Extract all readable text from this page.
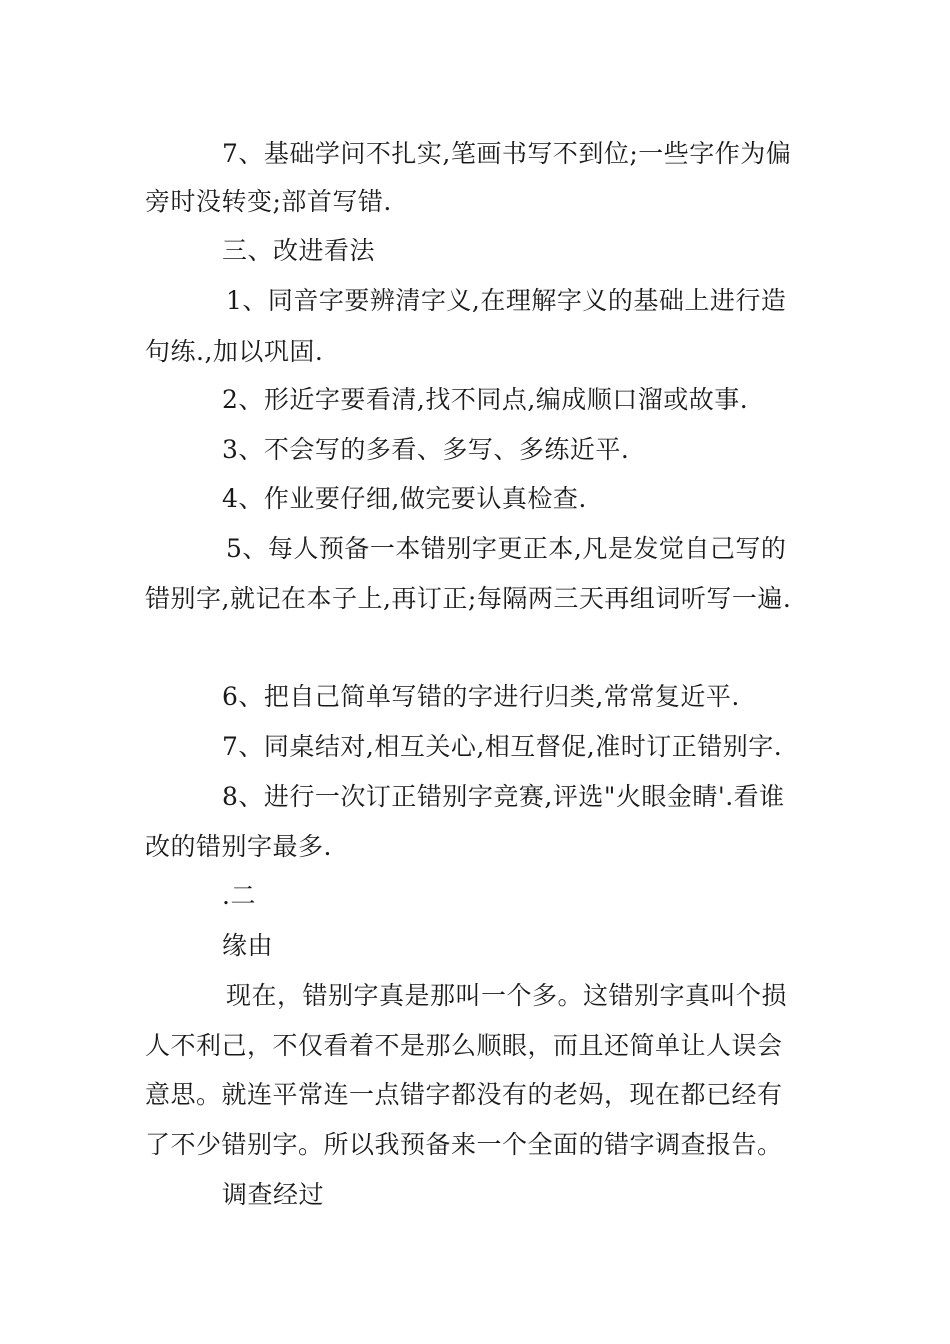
7、基础学问不扎实,笔画书写不到位;一些字作为偏
旁时没转变;部首写错.
三、改进看法
1、同音字要辨清字义,在理解字义的基础上进行造
句练.,加以巩固.
2、形近字要看清,找不同点,编成顺口溜或故事.
3、不会写的多看、多写、多练近平.
4、作业要仔细,做完要认真检查.
5、每人预备一本错别字更正本,凡是发觉自己写的
错别字,就记在本子上,再订正;每隔两三天再组词听写一遍.
6、把自己简单写错的字进行归类,常常复近平.
7、同桌结对,相互关心,相互督促,准时订正错别字.
8、进行一次订正错别字竞赛,评选"火眼金睛'.看谁
改的错别字最多.
.二
缘由
现在，错别字真是那叫一个多。这错别字真叫个损
人不利己，不仅看着不是那么顺眼，而且还简单让人误会
意思。就连平常连一点错字都没有的老妈，现在都已经有
了不少错别字。所以我预备来一个全面的错字调查报告。
调查经过
